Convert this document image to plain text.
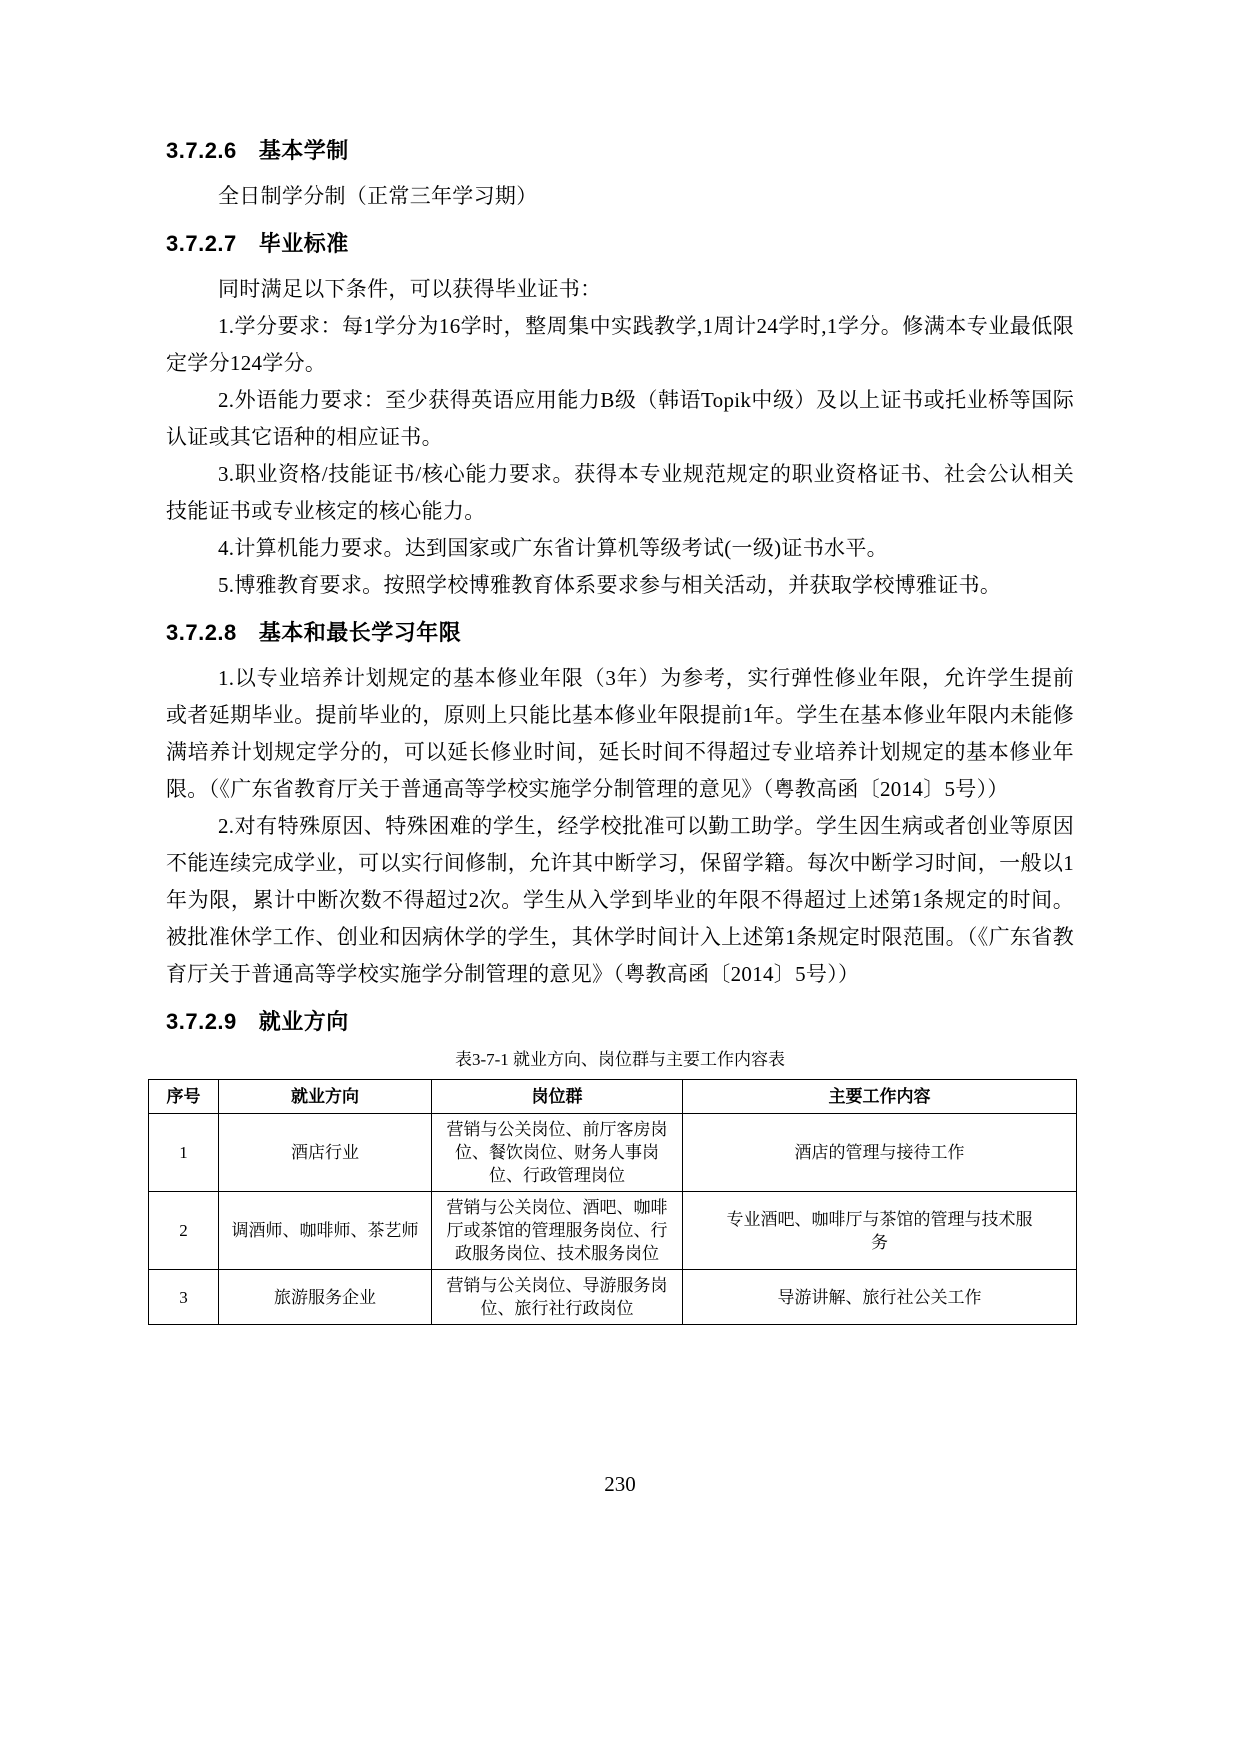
3.7.2.6 基本学制

全日制学分制（正常三年学习期）

3.7.2.7 毕业标准

同时满足以下条件，可以获得毕业证书：

1.学分要求：每1学分为16学时，整周集中实践教学,1周计24学时,1学分。修满本专业最低限定学分124学分。

2.外语能力要求：至少获得英语应用能力B级（韩语Topik中级）及以上证书或托业桥等国际认证或其它语种的相应证书。

3.职业资格/技能证书/核心能力要求。获得本专业规范规定的职业资格证书、社会公认相关技能证书或专业核定的核心能力。

4.计算机能力要求。达到国家或广东省计算机等级考试(一级)证书水平。

5.博雅教育要求。按照学校博雅教育体系要求参与相关活动，并获取学校博雅证书。

3.7.2.8 基本和最长学习年限

1.以专业培养计划规定的基本修业年限（3年）为参考，实行弹性修业年限，允许学生提前或者延期毕业。提前毕业的，原则上只能比基本修业年限提前1年。学生在基本修业年限内未能修满培养计划规定学分的，可以延长修业时间，延长时间不得超过专业培养计划规定的基本修业年限。（《广东省教育厅关于普通高等学校实施学分制管理的意见》（粤教高函〔2014〕5号））

2.对有特殊原因、特殊困难的学生，经学校批准可以勤工助学。学生因生病或者创业等原因不能连续完成学业，可以实行间修制，允许其中断学习，保留学籍。每次中断学习时间，一般以1年为限，累计中断次数不得超过2次。学生从入学到毕业的年限不得超过上述第1条规定的时间。被批准休学工作、创业和因病休学的学生，其休学时间计入上述第1条规定时限范围。（《广东省教育厅关于普通高等学校实施学分制管理的意见》（粤教高函〔2014〕5号））

3.7.2.9 就业方向
表3-7-1 就业方向、岗位群与主要工作内容表
序号	就业方向	岗位群	主要工作内容
1	酒店行业	营销与公关岗位、前厅客房岗位、餐饮岗位、财务人事岗位、行政管理岗位	酒店的管理与接待工作
2	调酒师、咖啡师、茶艺师	营销与公关岗位、酒吧、咖啡厅或茶馆的管理服务岗位、行政服务岗位、技术服务岗位	专业酒吧、咖啡厅与茶馆的管理与技术服务
3	旅游服务企业	营销与公关岗位、导游服务岗位、旅行社行政岗位	导游讲解、旅行社公关工作
230
